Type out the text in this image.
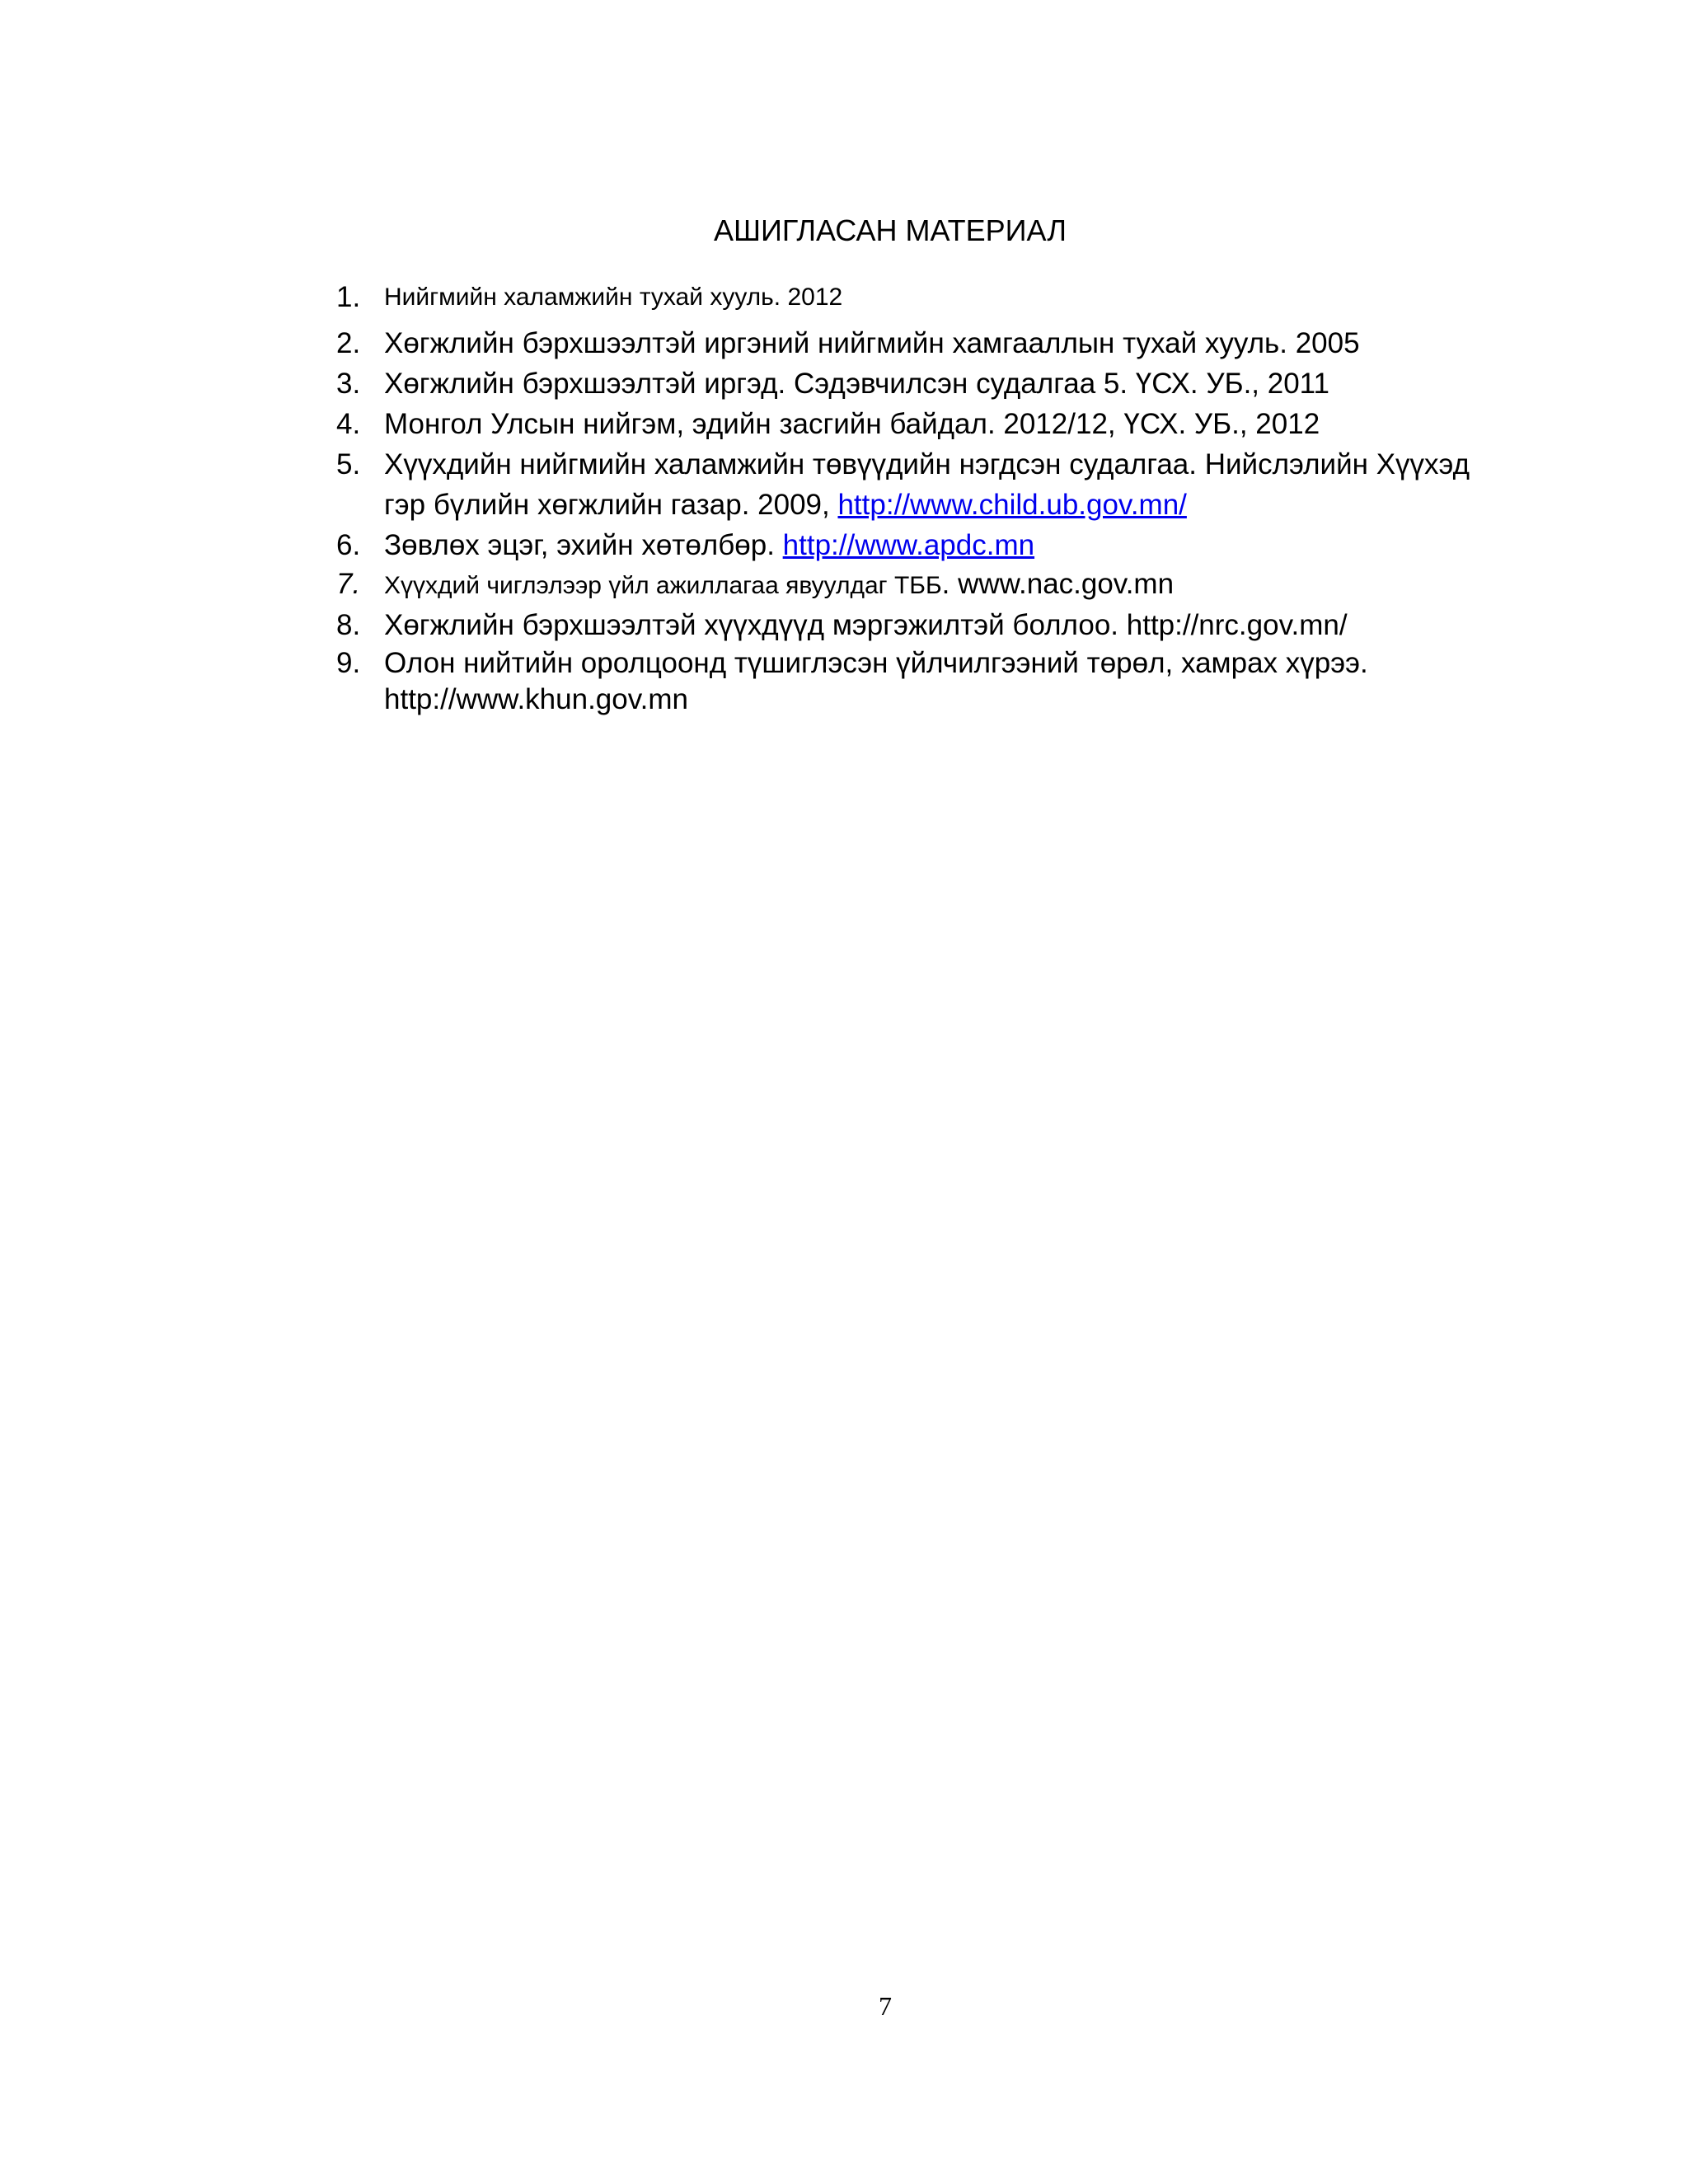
АШИГЛАСАН МАТЕРИАЛ
1. Нийгмийн халамжийн тухай хууль. 2012
2. Хөгжлийн бэрхшээлтэй иргэний нийгмийн хамгааллын тухай хууль. 2005
3. Хөгжлийн бэрхшээлтэй иргэд. Сэдэвчилсэн судалгаа 5. ҮСХ. УБ., 2011
4. Монгол Улсын нийгэм, эдийн засгийн байдал. 2012/12, ҮСХ. УБ., 2012
5. Хүүхдийн нийгмийн халамжийн төвүүдийн нэгдсэн судалгаа. Нийслэлийн Хүүхэд гэр бүлийн хөгжлийн газар. 2009, http://www.child.ub.gov.mn/
6. Зөвлөх эцэг, эхийн хөтөлбөр. http://www.apdc.mn
7. Хүүхдий чиглэлээр үйл ажиллагаа явуулдаг ТББ. www.nac.gov.mn
8. Хөгжлийн бэрхшээлтэй хүүхдүүд мэргэжилтэй боллоо. http://nrc.gov.mn/
9. Олон нийтийн оролцоонд түшиглэсэн үйлчилгээний төрөл, хамрах хүрээ. http://www.khun.gov.mn

7
